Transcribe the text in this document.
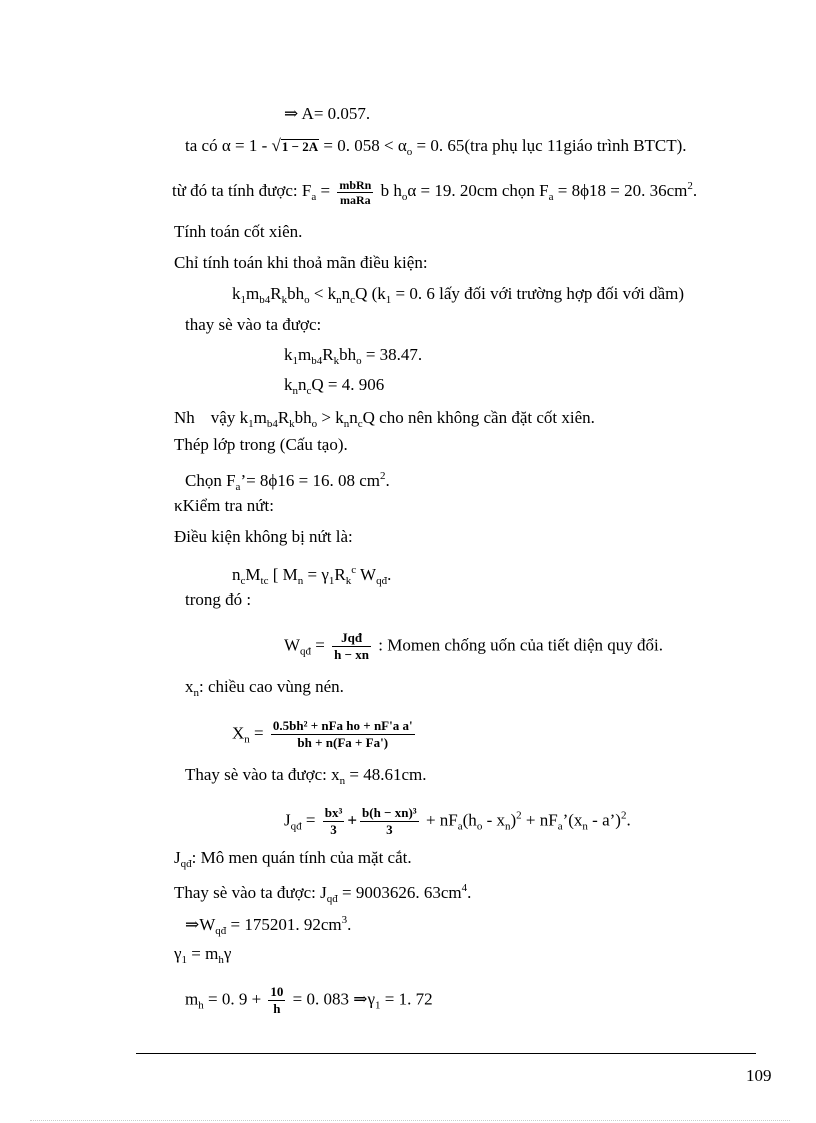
⇒ A= 0.057.
ta có α = 1 - √1 − 2A = 0. $058 < \alpha_o = 0$. 65(tra phụ lục 11giáo trình BTCT).
từ đó ta tính được: $F_a = \frac{\text{mbRn}}{\text{maRa}}$ b $h_o\alpha = 19$. 20cm chọn $F_a = 8\phi 18 = 20$. $36cm^2$.
Tính toán cốt xiên.
Chỉ tính toán khi thoả mãn điều kiện:
$k_1m_{b4}R_kbh_o < k_nn_cQ$ ($k_1 = 0$. 6 lấy đối với trường hợp đối với dầm)
thay sè vào ta được:
$k_1m_{b4}R_kbh_o = 38.47$.
$k_nn_cQ = 4$. 906
Nh vậy $k_1m_{b4}R_kbh_o > k_nn_cQ$ cho nên không cần đặt cốt xiên.
Thép lớp trong (Cấu tạo).
Chọn $F_a’= 8\phi 16 = 16$. 08 $cm^2$.
κKiểm tra nứt:
Điều kiện không bị nứt là:
$n_cM_{tc}$ [ $M_n = \gamma_1R_k^c$ $W_{qđ}$.
trong đó :
$W_{qđ} = \frac{\text{Jqđ}}{h - xn}$ : Momen chống uốn của tiết diện quy đổi.
$x_n$: chiều cao vùng nén.
$X_n = \frac{\text{0.5bh² + nFa ho + nF'a a'}}{bh + n(Fa + Fa')}$
Thay sè vào ta được: $x_n = 48.61cm$.
$J_{qđ} = \frac{\text{bx³}}{3} + \frac{\text{b(h − xn)³}}{3} + nF_a(h_o - x_n)^2$ + $nF_a’(x_n$ - a’)$^2$.
$J_{qđ}$: Mô men quán tính của mặt cắt.
Thay sè vào ta được: $J_{qđ} = 9003626$. $63cm^4$.
$\Rightarrow W_{qđ} = 175201$. $92cm^3$.
$\gamma_1 = m_h\gamma$
$m_h = 0$. $9 + \frac{10}{h} = 0$. 083 $\Rightarrow\gamma_1 = 1$. 72
109
